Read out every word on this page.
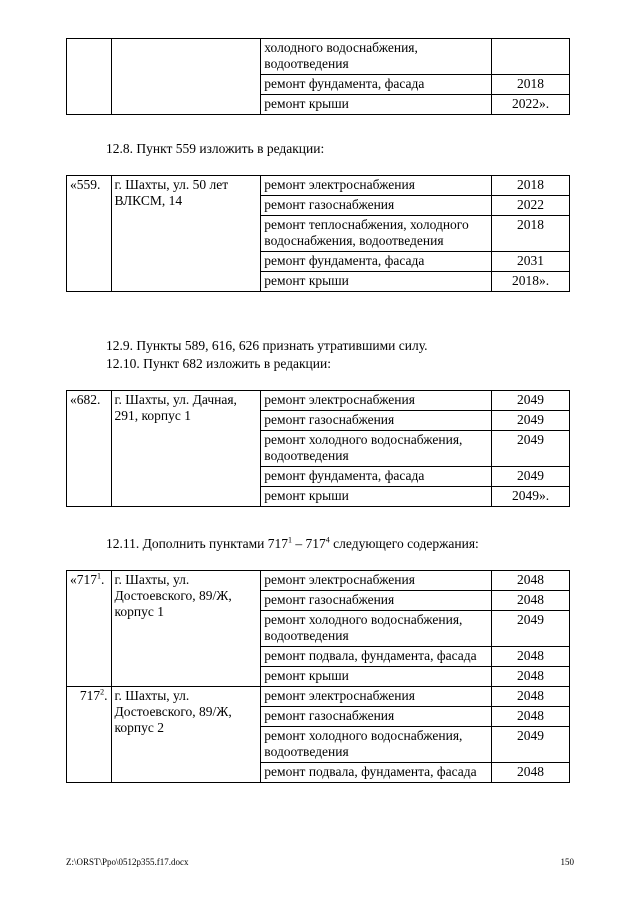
		холодного водоснабжения, водоотведения	
		ремонт фундамента, фасада	2018
		ремонт крыши	2022».
12.8. Пункт 559 изложить в редакции:
«559.	г. Шахты, ул. 50 лет ВЛКСМ, 14	ремонт электроснабжения	2018
		ремонт газоснабжения	2022
		ремонт теплоснабжения, холодного водоснабжения, водоотведения	2018
		ремонт фундамента, фасада	2031
		ремонт крыши	2018».
12.9. Пункты 589, 616, 626 признать утратившими силу.
12.10. Пункт 682 изложить в редакции:
«682.	г. Шахты, ул. Дачная, 291, корпус 1	ремонт электроснабжения	2049
		ремонт газоснабжения	2049
		ремонт холодного водоснабжения, водоотведения	2049
		ремонт фундамента, фасада	2049
		ремонт крыши	2049».
12.11. Дополнить пунктами $717^1 - 717^4$ следующего содержания:
«$717^1$.	г. Шахты, ул. Достоевского, 89/Ж, корпус 1	ремонт электроснабжения	2048
		ремонт газоснабжения	2048
		ремонт холодного водоснабжения, водоотведения	2049
		ремонт подвала, фундамента, фасада	2048
		ремонт крыши	2048
$717^2$.	г. Шахты, ул. Достоевского, 89/Ж, корпус 2	ремонт электроснабжения	2048
		ремонт газоснабжения	2048
		ремонт холодного водоснабжения, водоотведения	2049
		ремонт подвала, фундамента, фасада	2048
Z:\ORST\Ppo\0512p355.f17.docx	150
